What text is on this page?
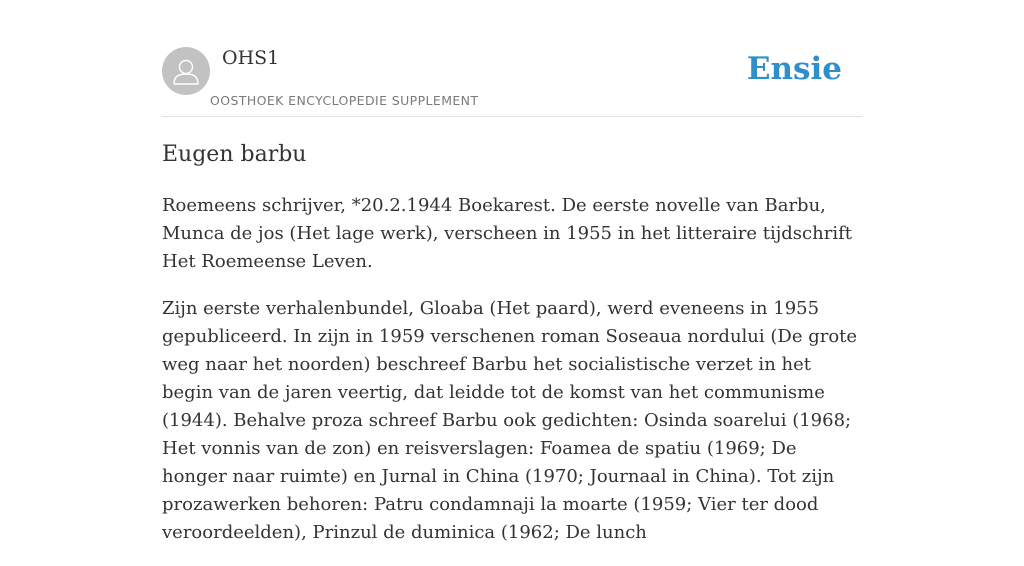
OHS1
OOSTHOEK ENCYCLOPEDIE SUPPLEMENT
Ensie
Eugen barbu

Roemeens schrijver, *20.2.1944 Boekarest. De eerste novelle van Barbu, Munca de jos (Het lage werk), verscheen in 1955 in het litteraire tijdschrift Het Roemeense Leven.

Zijn eerste verhalenbundel, Gloaba (Het paard), werd eveneens in 1955 gepubliceerd. In zijn in 1959 verschenen roman Soseaua nordului (De grote weg naar het noorden) beschreef Barbu het socialistische verzet in het begin van de jaren veertig, dat leidde tot de komst van het communisme (1944). Behalve proza schreef Barbu ook gedichten: Osinda soarelui (1968; Het vonnis van de zon) en reisverslagen: Foamea de spatiu (1969; De honger naar ruimte) en Jurnal in China (1970; Journaal in China). Tot zijn prozawerken behoren: Patru condamnaji la moarte (1959; Vier ter dood veroordeelden), Prinzul de duminica (1962; De lunch
